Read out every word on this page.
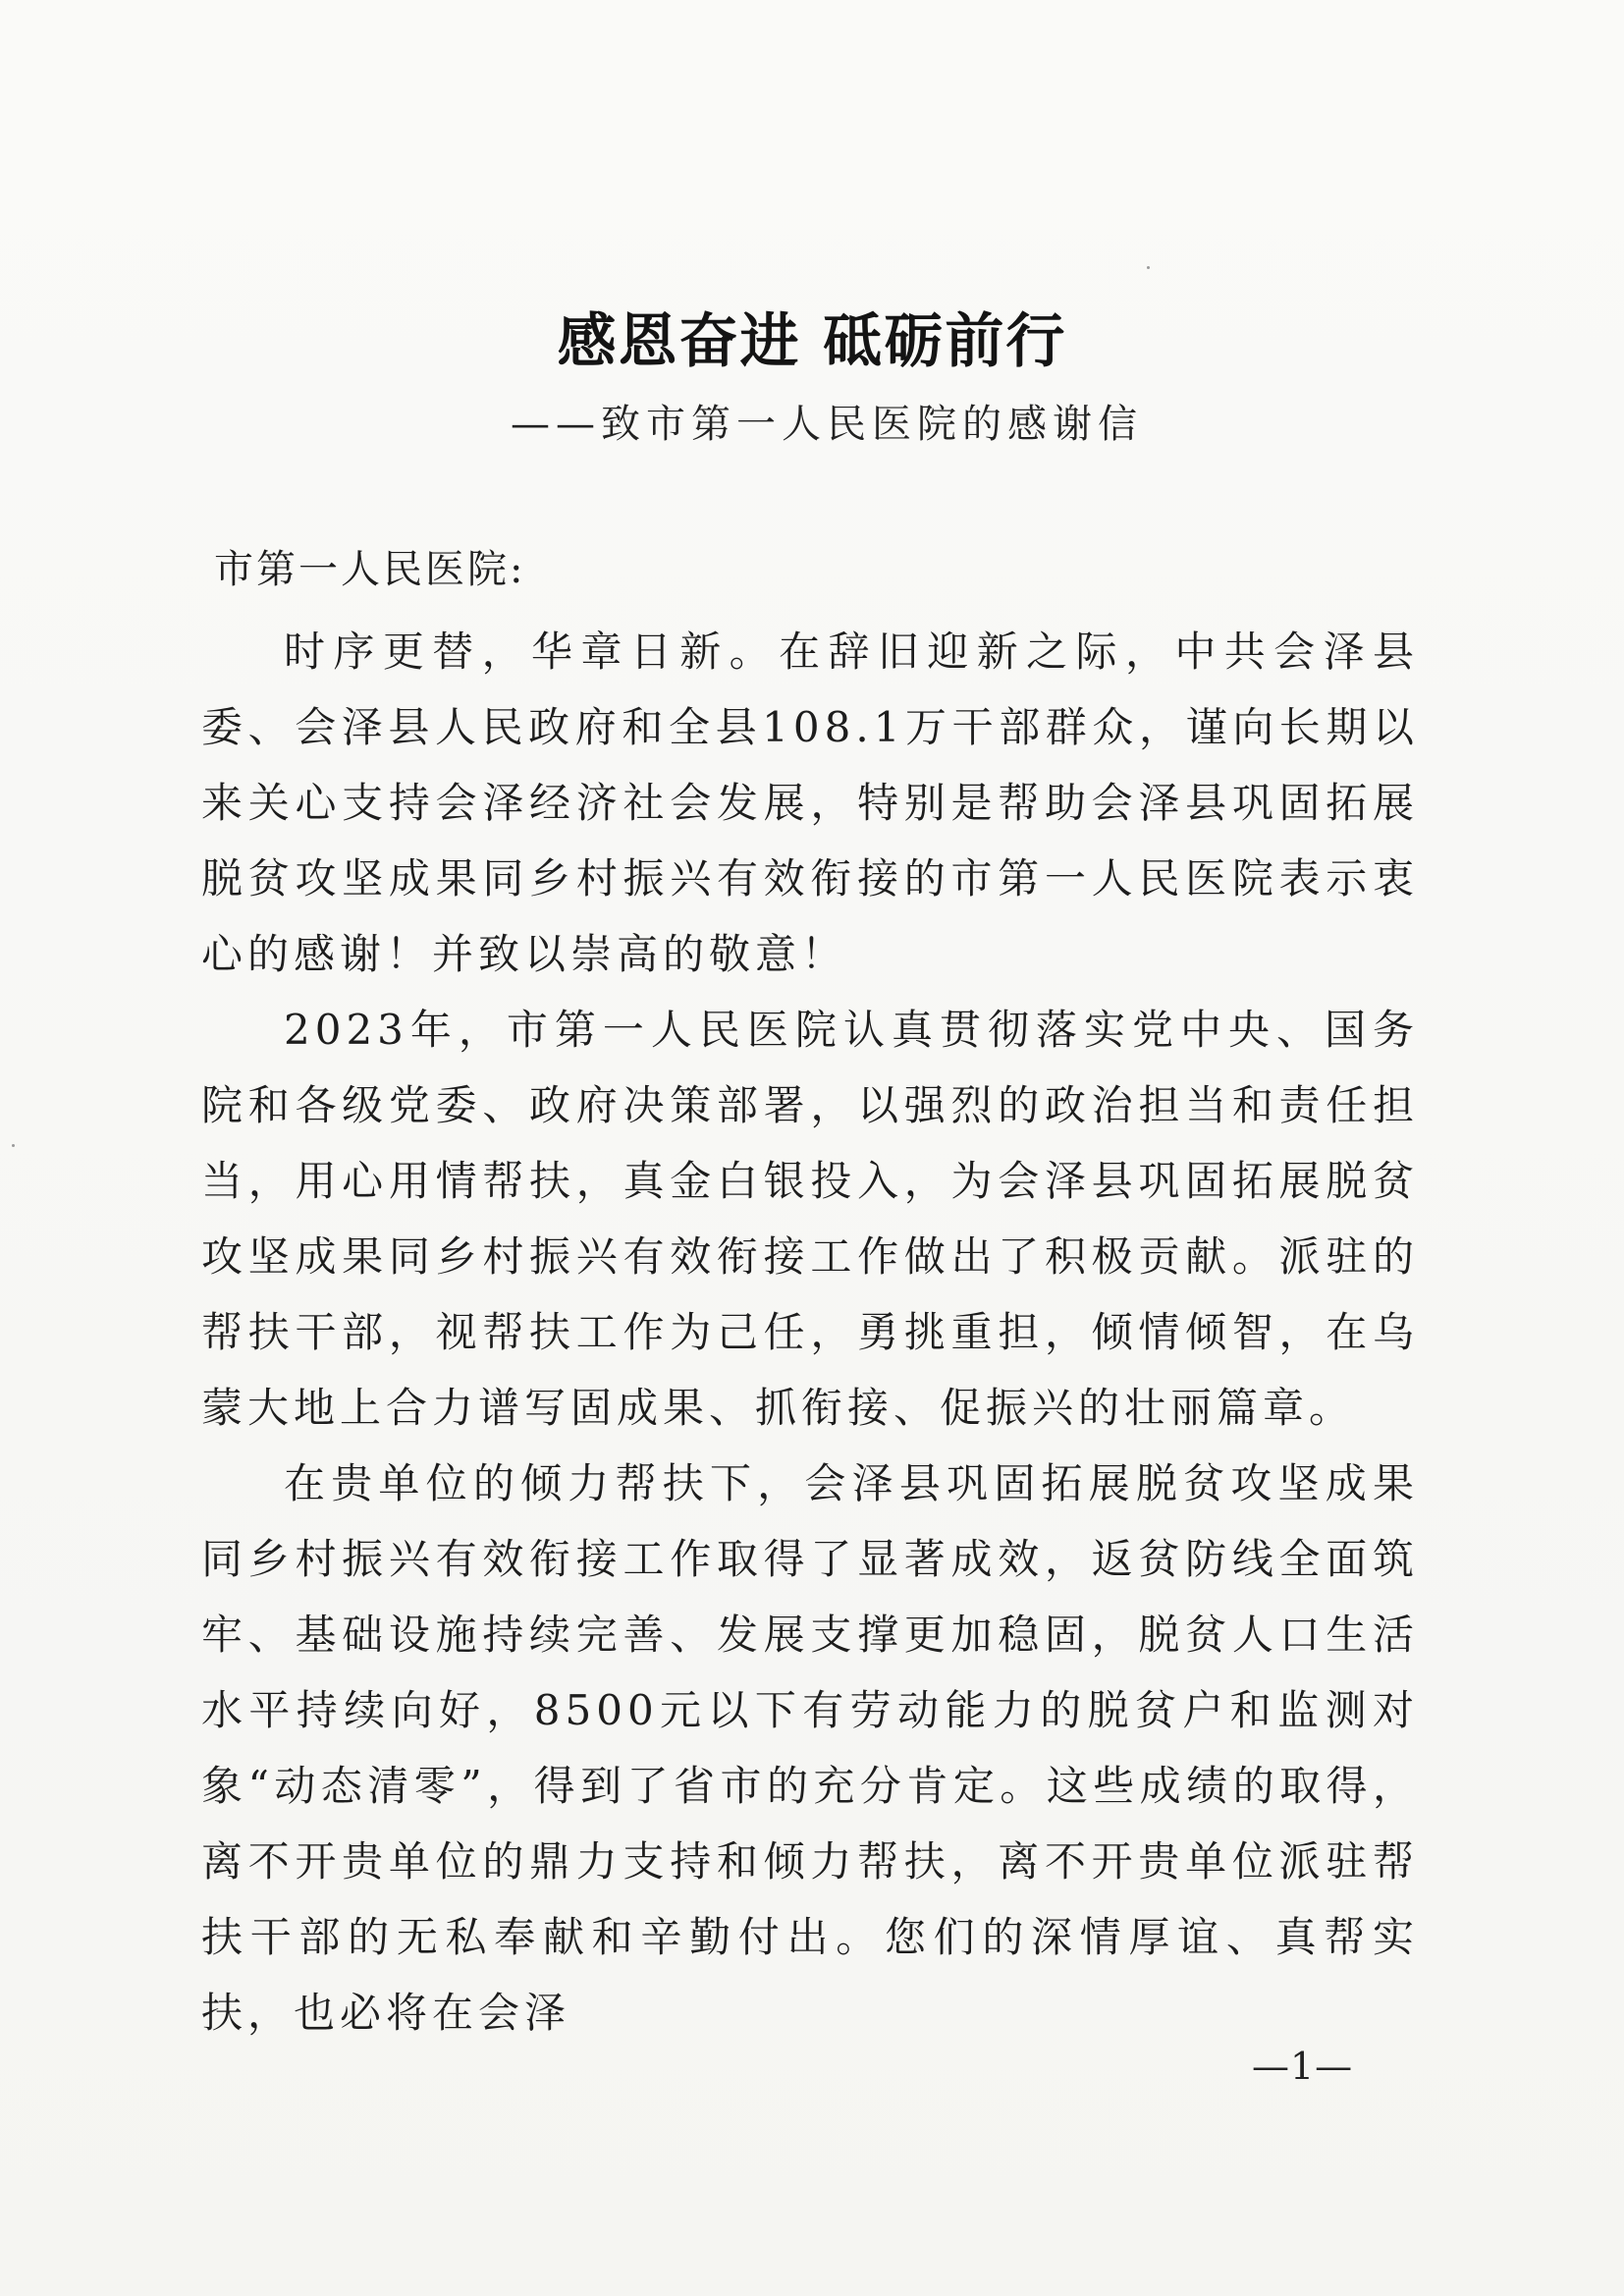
感恩奋进 砥砺前行
——致市第一人民医院的感谢信
市第一人民医院:

时序更替，华章日新。在辞旧迎新之际，中共会泽县委、会泽县人民政府和全县108.1万干部群众，谨向长期以来关心支持会泽经济社会发展，特别是帮助会泽县巩固拓展脱贫攻坚成果同乡村振兴有效衔接的市第一人民医院表示衷心的感谢！并致以崇高的敬意！

2023年，市第一人民医院认真贯彻落实党中央、国务院和各级党委、政府决策部署，以强烈的政治担当和责任担当，用心用情帮扶，真金白银投入，为会泽县巩固拓展脱贫攻坚成果同乡村振兴有效衔接工作做出了积极贡献。派驻的帮扶干部，视帮扶工作为己任，勇挑重担，倾情倾智，在乌蒙大地上合力谱写固成果、抓衔接、促振兴的壮丽篇章。

在贵单位的倾力帮扶下，会泽县巩固拓展脱贫攻坚成果同乡村振兴有效衔接工作取得了显著成效，返贫防线全面筑牢、基础设施持续完善、发展支撑更加稳固，脱贫人口生活水平持续向好，8500元以下有劳动能力的脱贫户和监测对象“动态清零”，得到了省市的充分肯定。这些成绩的取得，离不开贵单位的鼎力支持和倾力帮扶，离不开贵单位派驻帮扶干部的无私奉献和辛勤付出。您们的深情厚谊、真帮实扶，也必将在会泽

—1—
